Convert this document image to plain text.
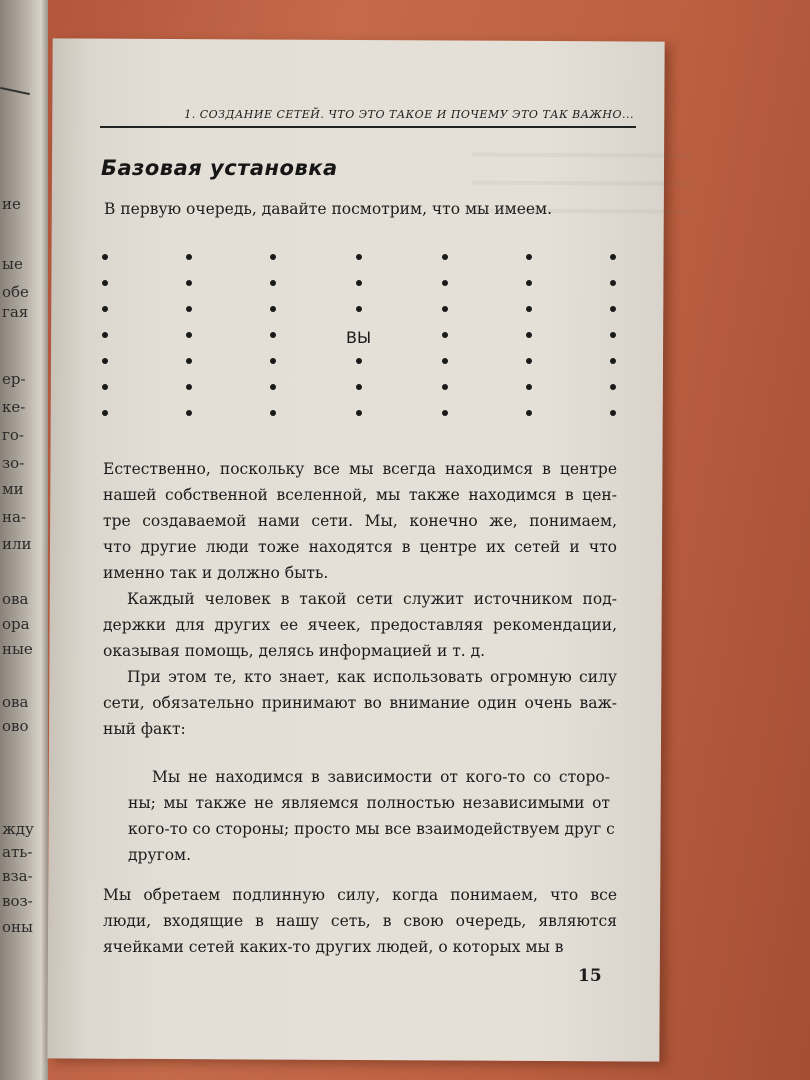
ие
ые
обе
гая
ер-
ке-
го-
зо-
ми
на-
или
ова
ора
ные
ова
ово
жду
ать-
вза-
воз-
оны
1. СОЗДАНИЕ СЕТЕЙ. ЧТО ЭТО ТАКОЕ И ПОЧЕМУ ЭТО ТАК ВАЖНО...
Базовая установка
В первую очередь, давайте посмотрим, что мы имеем.
ВЫ
Естественно, поскольку все мы всегда находимся в центре
нашей собственной вселенной, мы также находимся в цен-
тре создаваемой нами сети. Мы, конечно же, понимаем,
что другие люди тоже находятся в центре их сетей и что
именно так и должно быть.
Каждый человек в такой сети служит источником под-
держки для других ее ячеек, предоставляя рекомендации,
оказывая помощь, делясь информацией и т. д.
При этом те, кто знает, как использовать огромную силу
сети, обязательно принимают во внимание один очень важ-
ный факт:
Мы не находимся в зависимости от кого-то со сторо-
ны; мы также не являемся полностью независимыми от
кого-то со стороны; просто мы все взаимодействуем друг с
другом.
Мы обретаем подлинную силу, когда понимаем, что все
люди, входящие в нашу сеть, в свою очередь, являются
ячейками сетей каких-то других людей, о которых мы в
15
